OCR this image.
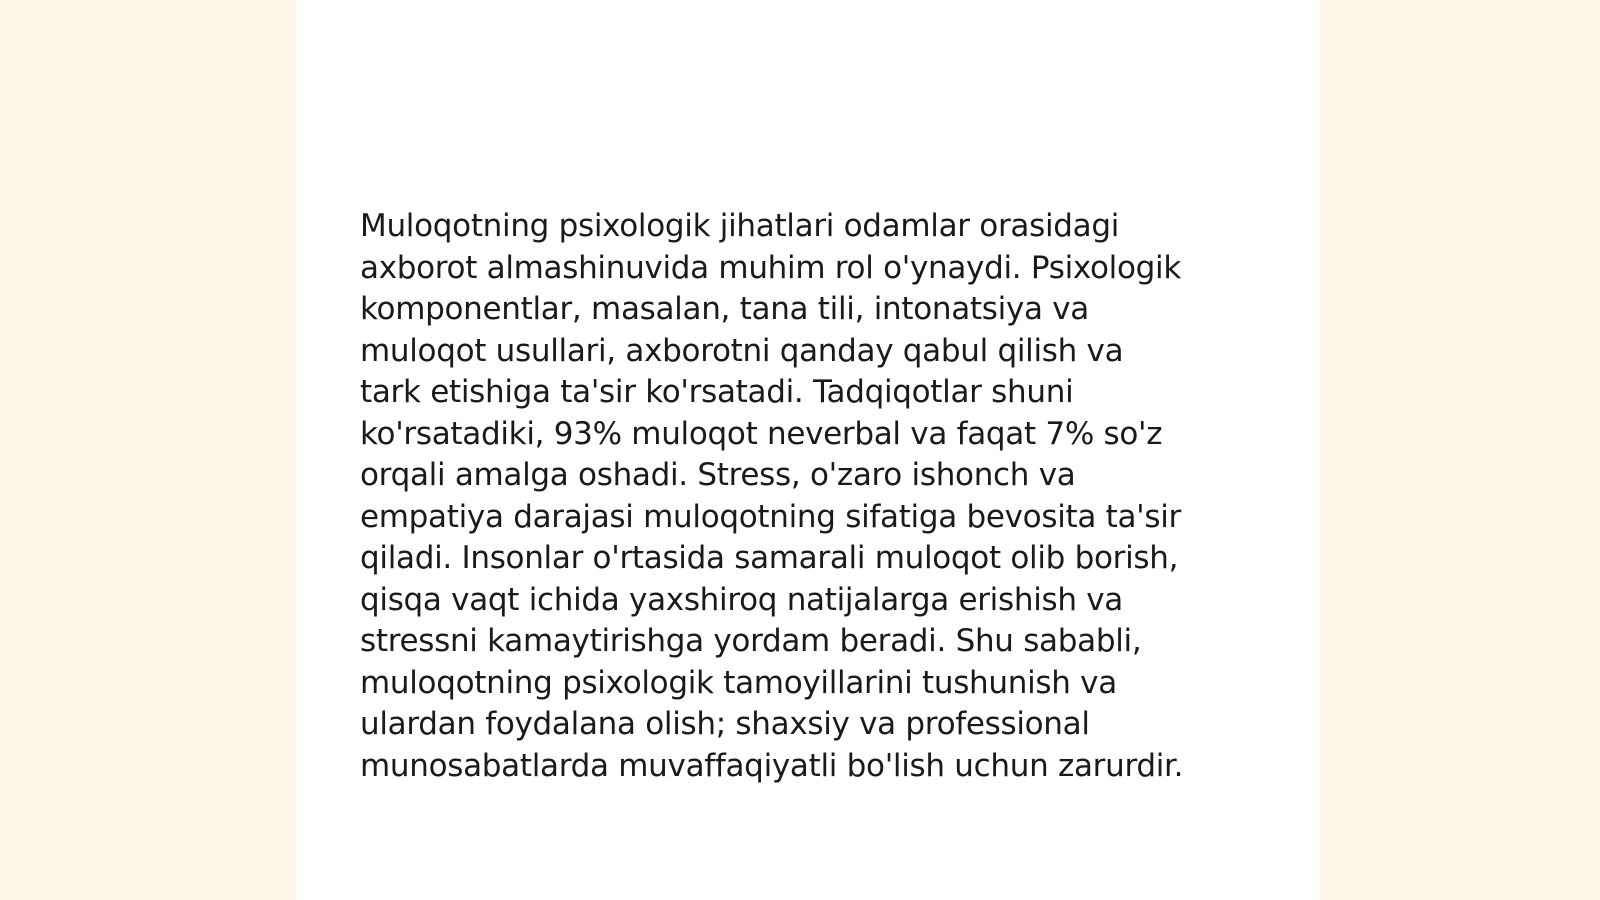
Muloqotning psixologik jihatlari odamlar orasidagi
axborot almashinuvida muhim rol o'ynaydi. Psixologik
komponentlar, masalan, tana tili, intonatsiya va
muloqot usullari, axborotni qanday qabul qilish va
tark etishiga ta'sir ko'rsatadi. Tadqiqotlar shuni
ko'rsatadiki, 93% muloqot neverbal va faqat 7% so'z
orqali amalga oshadi. Stress, o'zaro ishonch va
empatiya darajasi muloqotning sifatiga bevosita ta'sir
qiladi. Insonlar o'rtasida samarali muloqot olib borish,
qisqa vaqt ichida yaxshiroq natijalarga erishish va
stressni kamaytirishga yordam beradi. Shu sababli,
muloqotning psixologik tamoyillarini tushunish va
ulardan foydalana olish; shaxsiy va professional
munosabatlarda muvaffaqiyatli bo'lish uchun zarurdir.
